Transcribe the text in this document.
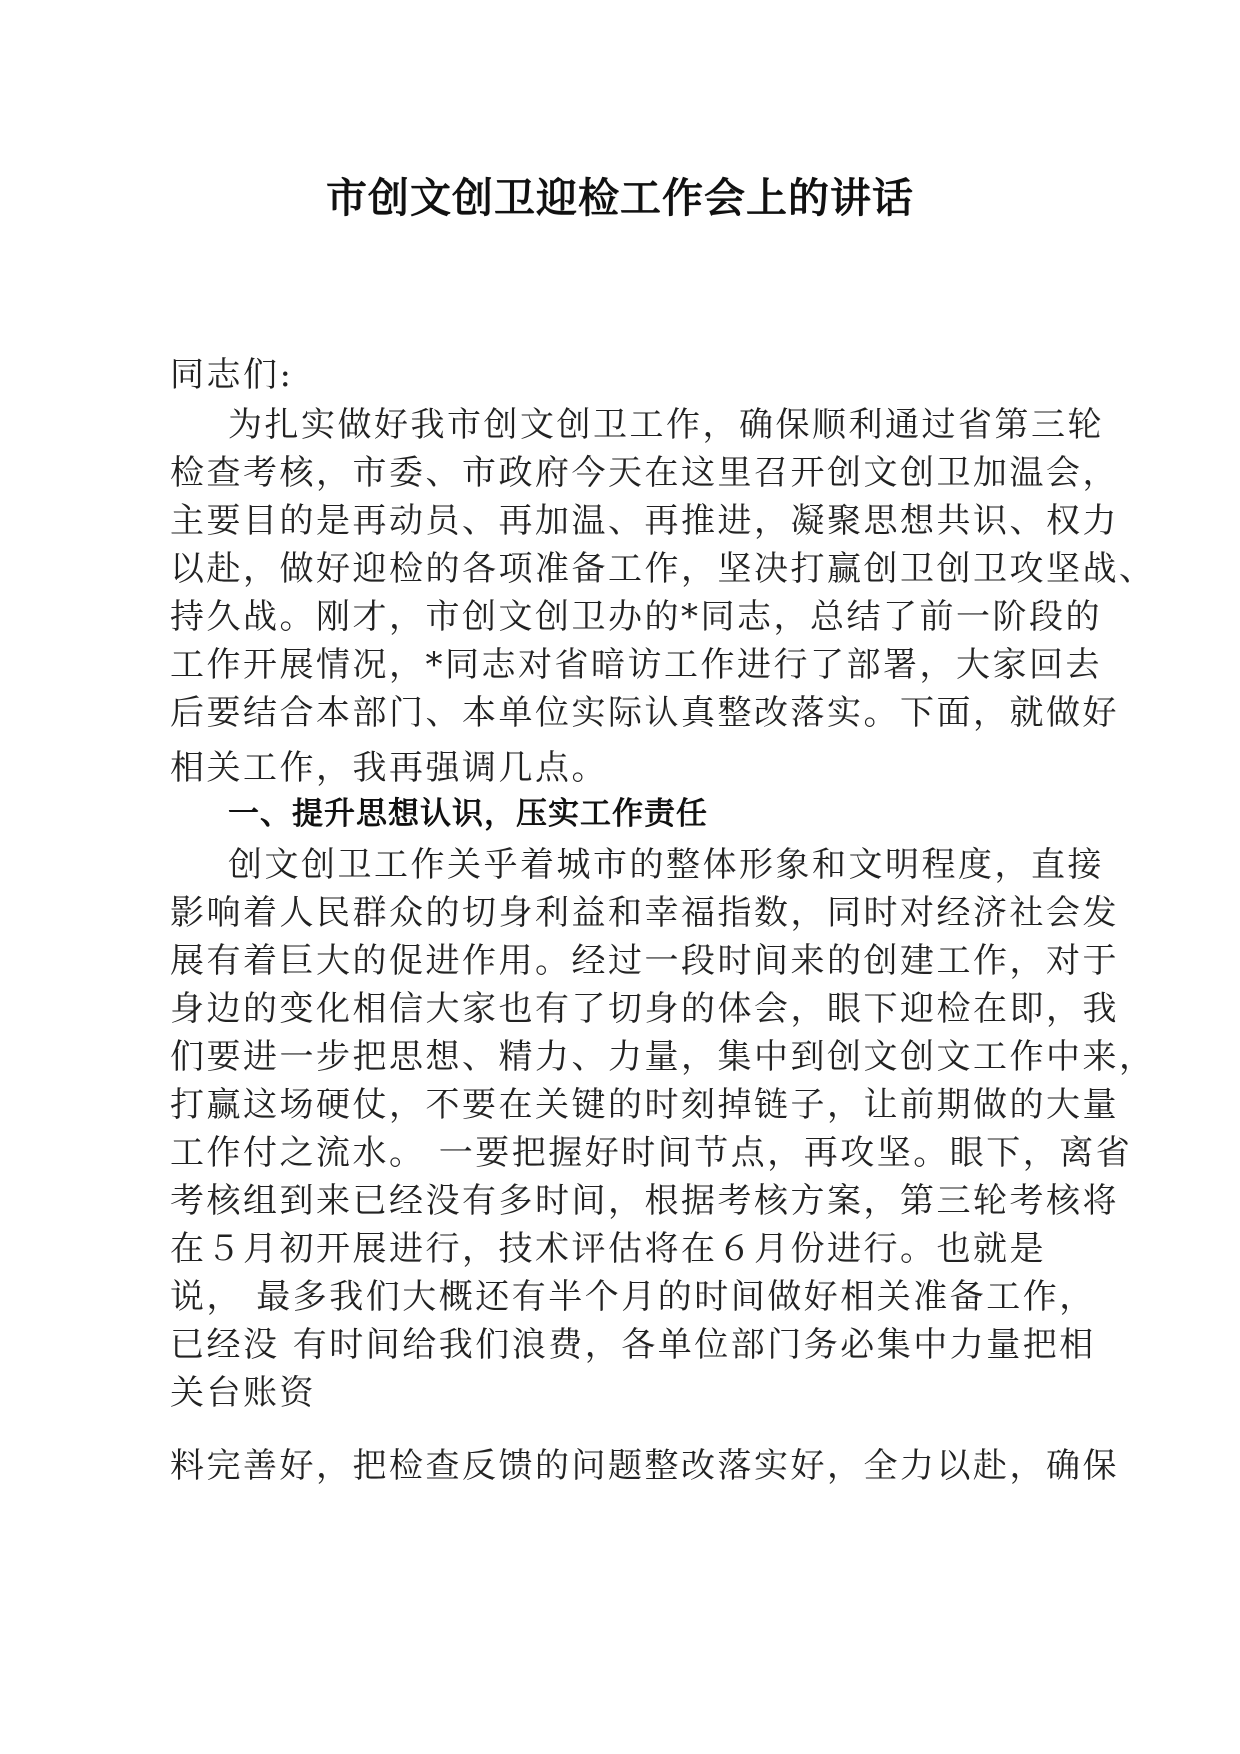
市创文创卫迎检工作会上的讲话
同志们:
为扎实做好我市创文创卫工作，确保顺利通过省第三轮
检查考核，市委、市政府今天在这里召开创文创卫加温会，
主要目的是再动员、再加温、再推进，凝聚思想共识、权力
以赴，做好迎检的各项准备工作，坚决打赢创卫创卫攻坚战、
持久战。刚才，市创文创卫办的*同志，总结了前一阶段的
工作开展情况，*同志对省暗访工作进行了部署，大家回去
后要结合本部门、本单位实际认真整改落实。下面，就做好
相关工作，我再强调几点。
一、提升思想认识，压实工作责任
创文创卫工作关乎着城市的整体形象和文明程度，直接
影响着人民群众的切身利益和幸福指数，同时对经济社会发
展有着巨大的促进作用。经过一段时间来的创建工作，对于
身边的变化相信大家也有了切身的体会，眼下迎检在即，我
们要进一步把思想、精力、力量，集中到创文创文工作中来，
打赢这场硬仗，不要在关键的时刻掉链子，让前期做的大量
工作付之流水。 一要把握好时间节点，再攻坚。眼下，离省
考核组到来已经没有多时间，根据考核方案，第三轮考核将
在５月初开展进行，技术评估将在６月份进行。也就是
说， 最多我们大概还有半个月的时间做好相关准备工作，
已经没 有时间给我们浪费，各单位部门务必集中力量把相
关台账资
料完善好，把检查反馈的问题整改落实好，全力以赴，确保
